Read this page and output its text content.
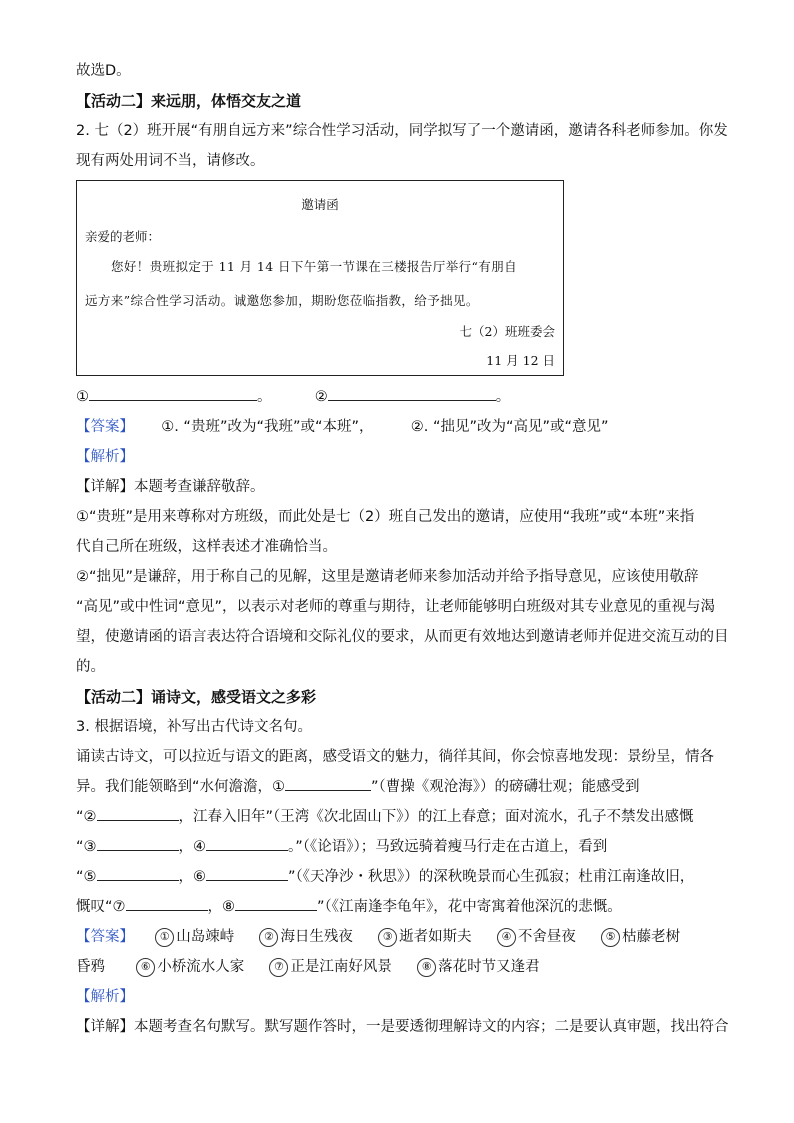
故选D。
【活动二】来远朋，体悟交友之道
2. 七（2）班开展“有朋自远方来”综合性学习活动，同学拟写了一个邀请函，邀请各科老师参加。你发
现有两处用词不当，请修改。
邀请函
亲爱的老师：
您好！贵班拟定于 11 月 14 日下午第一节课在三楼报告厅举行“有朋自
远方来”综合性学习活动。诚邀您参加，期盼您莅临指教，给予拙见。
七（2）班班委会
11 月 12 日
①	。	②	。
【答案】 ①. “贵班”改为“我班”或“本班”，	②. “拙见”改为“高见”或“意见”
【解析】
【详解】本题考查谦辞敬辞。
①“贵班”是用来尊称对方班级，而此处是七（2）班自己发出的邀请，应使用“我班”或“本班”来指
代自己所在班级，这样表述才准确恰当。
②“拙见”是谦辞，用于称自己的见解，这里是邀请老师来参加活动并给予指导意见，应该使用敬辞
“高见”或中性词“意见”，以表示对老师的尊重与期待，让老师能够明白班级对其专业意见的重视与渴
望，使邀请函的语言表达符合语境和交际礼仪的要求，从而更有效地达到邀请老师并促进交流互动的目
的。
【活动二】诵诗文，感受语文之多彩
3. 根据语境，补写出古代诗文名句。
诵读古诗文，可以拉近与语文的距离，感受语文的魅力，徜徉其间，你会惊喜地发现：景纷呈，情各
异。我们能领略到“水何澹澹，①	”（曹操《观沧海》）的磅礴壮观；能感受到
“②	，江春入旧年”（王湾《次北固山下》）的江上春意；面对流水，孔子不禁发出感慨
“③	，④	。”（《论语》）；马致远骑着瘦马行走在古道上，看到
“⑤	，⑥	”（《天净沙・秋思》）的深秋晚景而心生孤寂；杜甫江南逢故旧，
慨叹“⑦	，⑧	”（《江南逢李龟年》，花中寄寓着他深沉的悲慨。
【答案】 ① 山岛竦峙	② 海日生残夜	③ 逝者如斯夫	④ 不舍昼夜	⑤ 枯藤老树
昏鸦	⑥ 小桥流水人家	⑦ 正是江南好风景	⑧ 落花时节又逢君
【解析】
【详解】本题考查名句默写。默写题作答时，一是要透彻理解诗文的内容；二是要认真审题，找出符合
